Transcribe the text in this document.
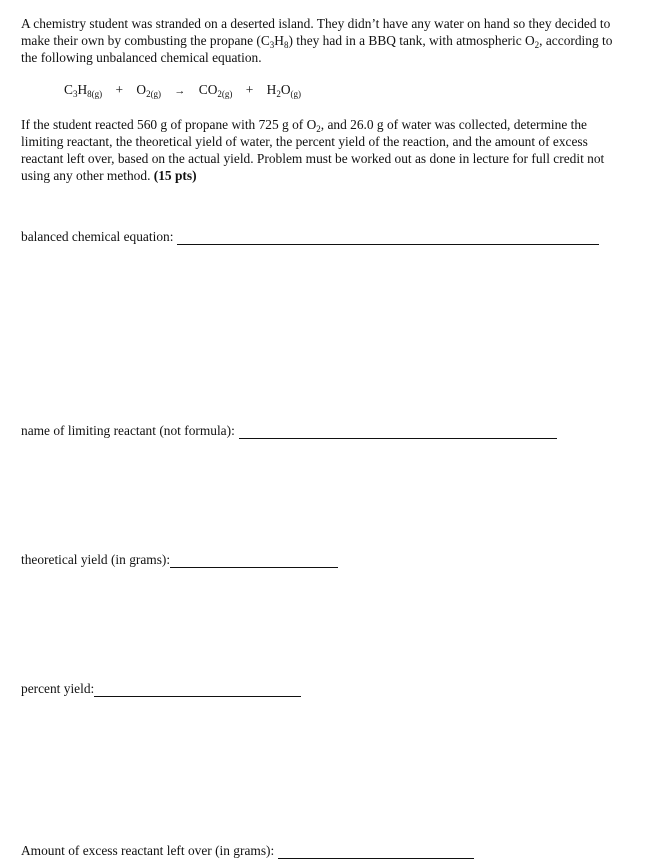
A chemistry student was stranded on a deserted island. They didn’t have any water on hand so they decided to make their own by combusting the propane $(C_3H_8)$ they had in a BBQ tank, with atmospheric $O_2$, according to the following unbalanced chemical equation.

$C_3H_{8(g)} + O_{2(g)} \to CO_{2(g)} + H_2O_{(g)}$

If the student reacted 560 g of propane with 725 g of $O_2$, and 26.0 g of water was collected, determine the limiting reactant, the theoretical yield of water, the percent yield of the reaction, and the amount of excess reactant left over, based on the actual yield. Problem must be worked out as done in lecture for full credit not using any other method. (15 pts)

balanced chemical equation:
name of limiting reactant (not formula):
theoretical yield (in grams):
percent yield:
Amount of excess reactant left over (in grams):
